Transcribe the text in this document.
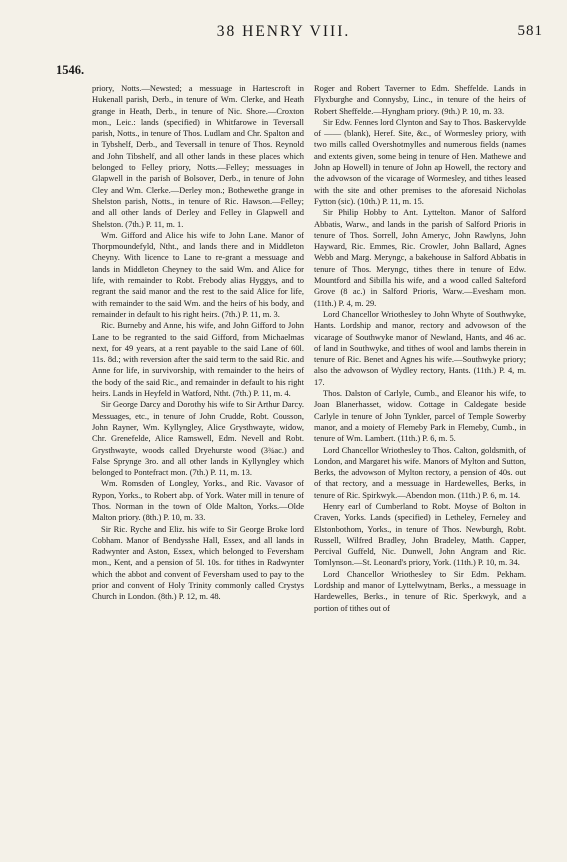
38 HENRY VIII.	581
1546.

priory, Notts.—Newsted; a messuage in Hartescroft in Hukenall parish, Derb., in tenure of Wm. Clerke, and Heath grange in Heath, Derb., in tenure of Nic. Shore.—Croxton mon., Leic.: lands (specified) in Whitfarowe in Teversall parish, Notts., in tenure of Thos. Ludlam and Chr. Spalton and in Tybshelf, Derb., and Teversall in tenure of Thos. Reynold and John Tibshelf, and all other lands in these places which belonged to Felley priory, Notts.—Felley; messuages in Glapwell in the parish of Bolsover, Derb., in tenure of John Cley and Wm. Clerke.—Derley mon.; Bothewethe grange in Shelston parish, Notts., in tenure of Ric. Hawson.—Felley; and all other lands of Derley and Felley in Glapwell and Shelston. (7th.) P. 11, m. 1.

Wm. Gifford and Alice his wife to John Lane. Manor of Thorpmoundefyld, Ntht., and lands there and in Middleton Cheyny. With licence to Lane to re-grant a messuage and lands in Middleton Cheyney to the said Wm. and Alice for life, with remainder to Robt. Frebody alias Hyggys, and to regrant the said manor and the rest to the said Alice for life, with remainder to the said Wm. and the heirs of his body, and remainder in default to his right heirs. (7th.) P. 11, m. 3.

Ric. Burneby and Anne, his wife, and John Gifford to John Lane to be regranted to the said Gifford, from Michaelmas next, for 49 years, at a rent payable to the said Lane of 60l. 11s. 8d.; with reversion after the said term to the said Ric. and Anne for life, in survivorship, with remainder to the heirs of the body of the said Ric., and remainder in default to his right heirs. Lands in Heyfeld in Watford, Ntht. (7th.) P. 11, m. 4.

Sir George Darcy and Dorothy his wife to Sir Arthur Darcy. Messuages, etc., in tenure of John Crudde, Robt. Cousson, John Rayner, Wm. Kyllyngley, Alice Grysthwayte, widow, Chr. Grenefelde, Alice Ramswell, Edm. Nevell and Robt. Grysthwayte, woods called Dryehurste wood (3¾ac.) and False Sprynge 3ro. and all other lands in Kyllyngley which belonged to Pontefract mon. (7th.) P. 11, m. 13.

Wm. Romsden of Longley, Yorks., and Ric. Vavasor of Rypon, Yorks., to Robert abp. of York. Water mill in tenure of Thos. Norman in the town of Olde Malton, Yorks.—Olde Malton priory. (8th.) P. 10, m. 33.

Sir Ric. Ryche and Eliz. his wife to Sir George Broke lord Cobham. Manor of Bendysshe Hall, Essex, and all lands in Radwynter and Aston, Essex, which belonged to Feversham mon., Kent, and a pension of 5l. 10s. for tithes in Radwynter which the abbot and convent of Feversham used to pay to the prior and convent of Holy Trinity commonly called Crystys Church in London. (8th.) P. 12, m. 48.

Roger and Robert Taverner to Edm. Sheffelde. Lands in Flyxburghe and Connysby, Linc., in tenure of the heirs of Robert Sheffelde.—Hyngham priory. (9th.) P. 10, m. 33.

Sir Edw. Fennes lord Clynton and Say to Thos. Baskervylde of —— (blank), Heref. Site, &c., of Wormesley priory, with two mills called Overshotmylles and numerous fields (names and extents given, some being in tenure of Hen. Mathewe and John ap Howell) in tenure of John ap Howell, the rectory and the advowson of the vicarage of Wormesley, and tithes leased with the site and other premises to the aforesaid Nicholas Fytton (sic). (10th.) P. 11, m. 15.

Sir Philip Hobby to Ant. Lyttelton. Manor of Salford Abbatis, Warw., and lands in the parish of Salford Prioris in tenure of Thos. Sorrell, John Ameryc, John Rawlyns, John Hayward, Ric. Emmes, Ric. Crowler, John Ballard, Agnes Webb and Marg. Meryngc, a bakehouse in Salford Abbatis in tenure of Thos. Meryngc, tithes there in tenure of Edw. Mountford and Sibilla his wife, and a wood called Salteford Grove (8 ac.) in Salford Prioris, Warw.—Evesham mon. (11th.) P. 4, m. 29.

Lord Chancellor Wriothesley to John Whyte of Southwyke, Hants. Lordship and manor, rectory and advowson of the vicarage of Southwyke manor of Newland, Hants, and 46 ac. of land in Southwyke, and tithes of wool and lambs therein in tenure of Ric. Benet and Agnes his wife.—Southwyke priory; also the advowson of Wydley rectory, Hants. (11th.) P. 4, m. 17.

Thos. Dalston of Carlyle, Cumb., and Eleanor his wife, to Joan Blanerhasset, widow. Cottage in Caldegate beside Carlyle in tenure of John Tynkler, parcel of Temple Sowerby manor, and a moiety of Flemeby Park in Flemeby, Cumb., in tenure of Wm. Lambert. (11th.) P. 6, m. 5.

Lord Chancellor Wriothesley to Thos. Calton, goldsmith, of London, and Margaret his wife. Manors of Mylton and Sutton, Berks, the advowson of Mylton rectory, a pension of 40s. out of that rectory, and a messuage in Hardewelles, Berks, in tenure of Ric. Spirkwyk.—Abendon mon. (11th.) P. 6, m. 14.

Henry earl of Cumberland to Robt. Moyse of Bolton in Craven, Yorks. Lands (specified) in Letheley, Ferneley and Elstonbothom, Yorks., in tenure of Thos. Newburgh, Robt. Russell, Wilfred Bradley, John Bradeley, Matth. Capper, Percival Guffeld, Nic. Dunwell, John Angram and Ric. Tomlynson.—St. Leonard's priory, York. (11th.) P. 10, m. 34.

Lord Chancellor Wriothesley to Sir Edm. Pekham. Lordship and manor of Lyttelwytnam, Berks., a messuage in Hardewelles, Berks., in tenure of Ric. Sperkwyk, and a portion of tithes out of
